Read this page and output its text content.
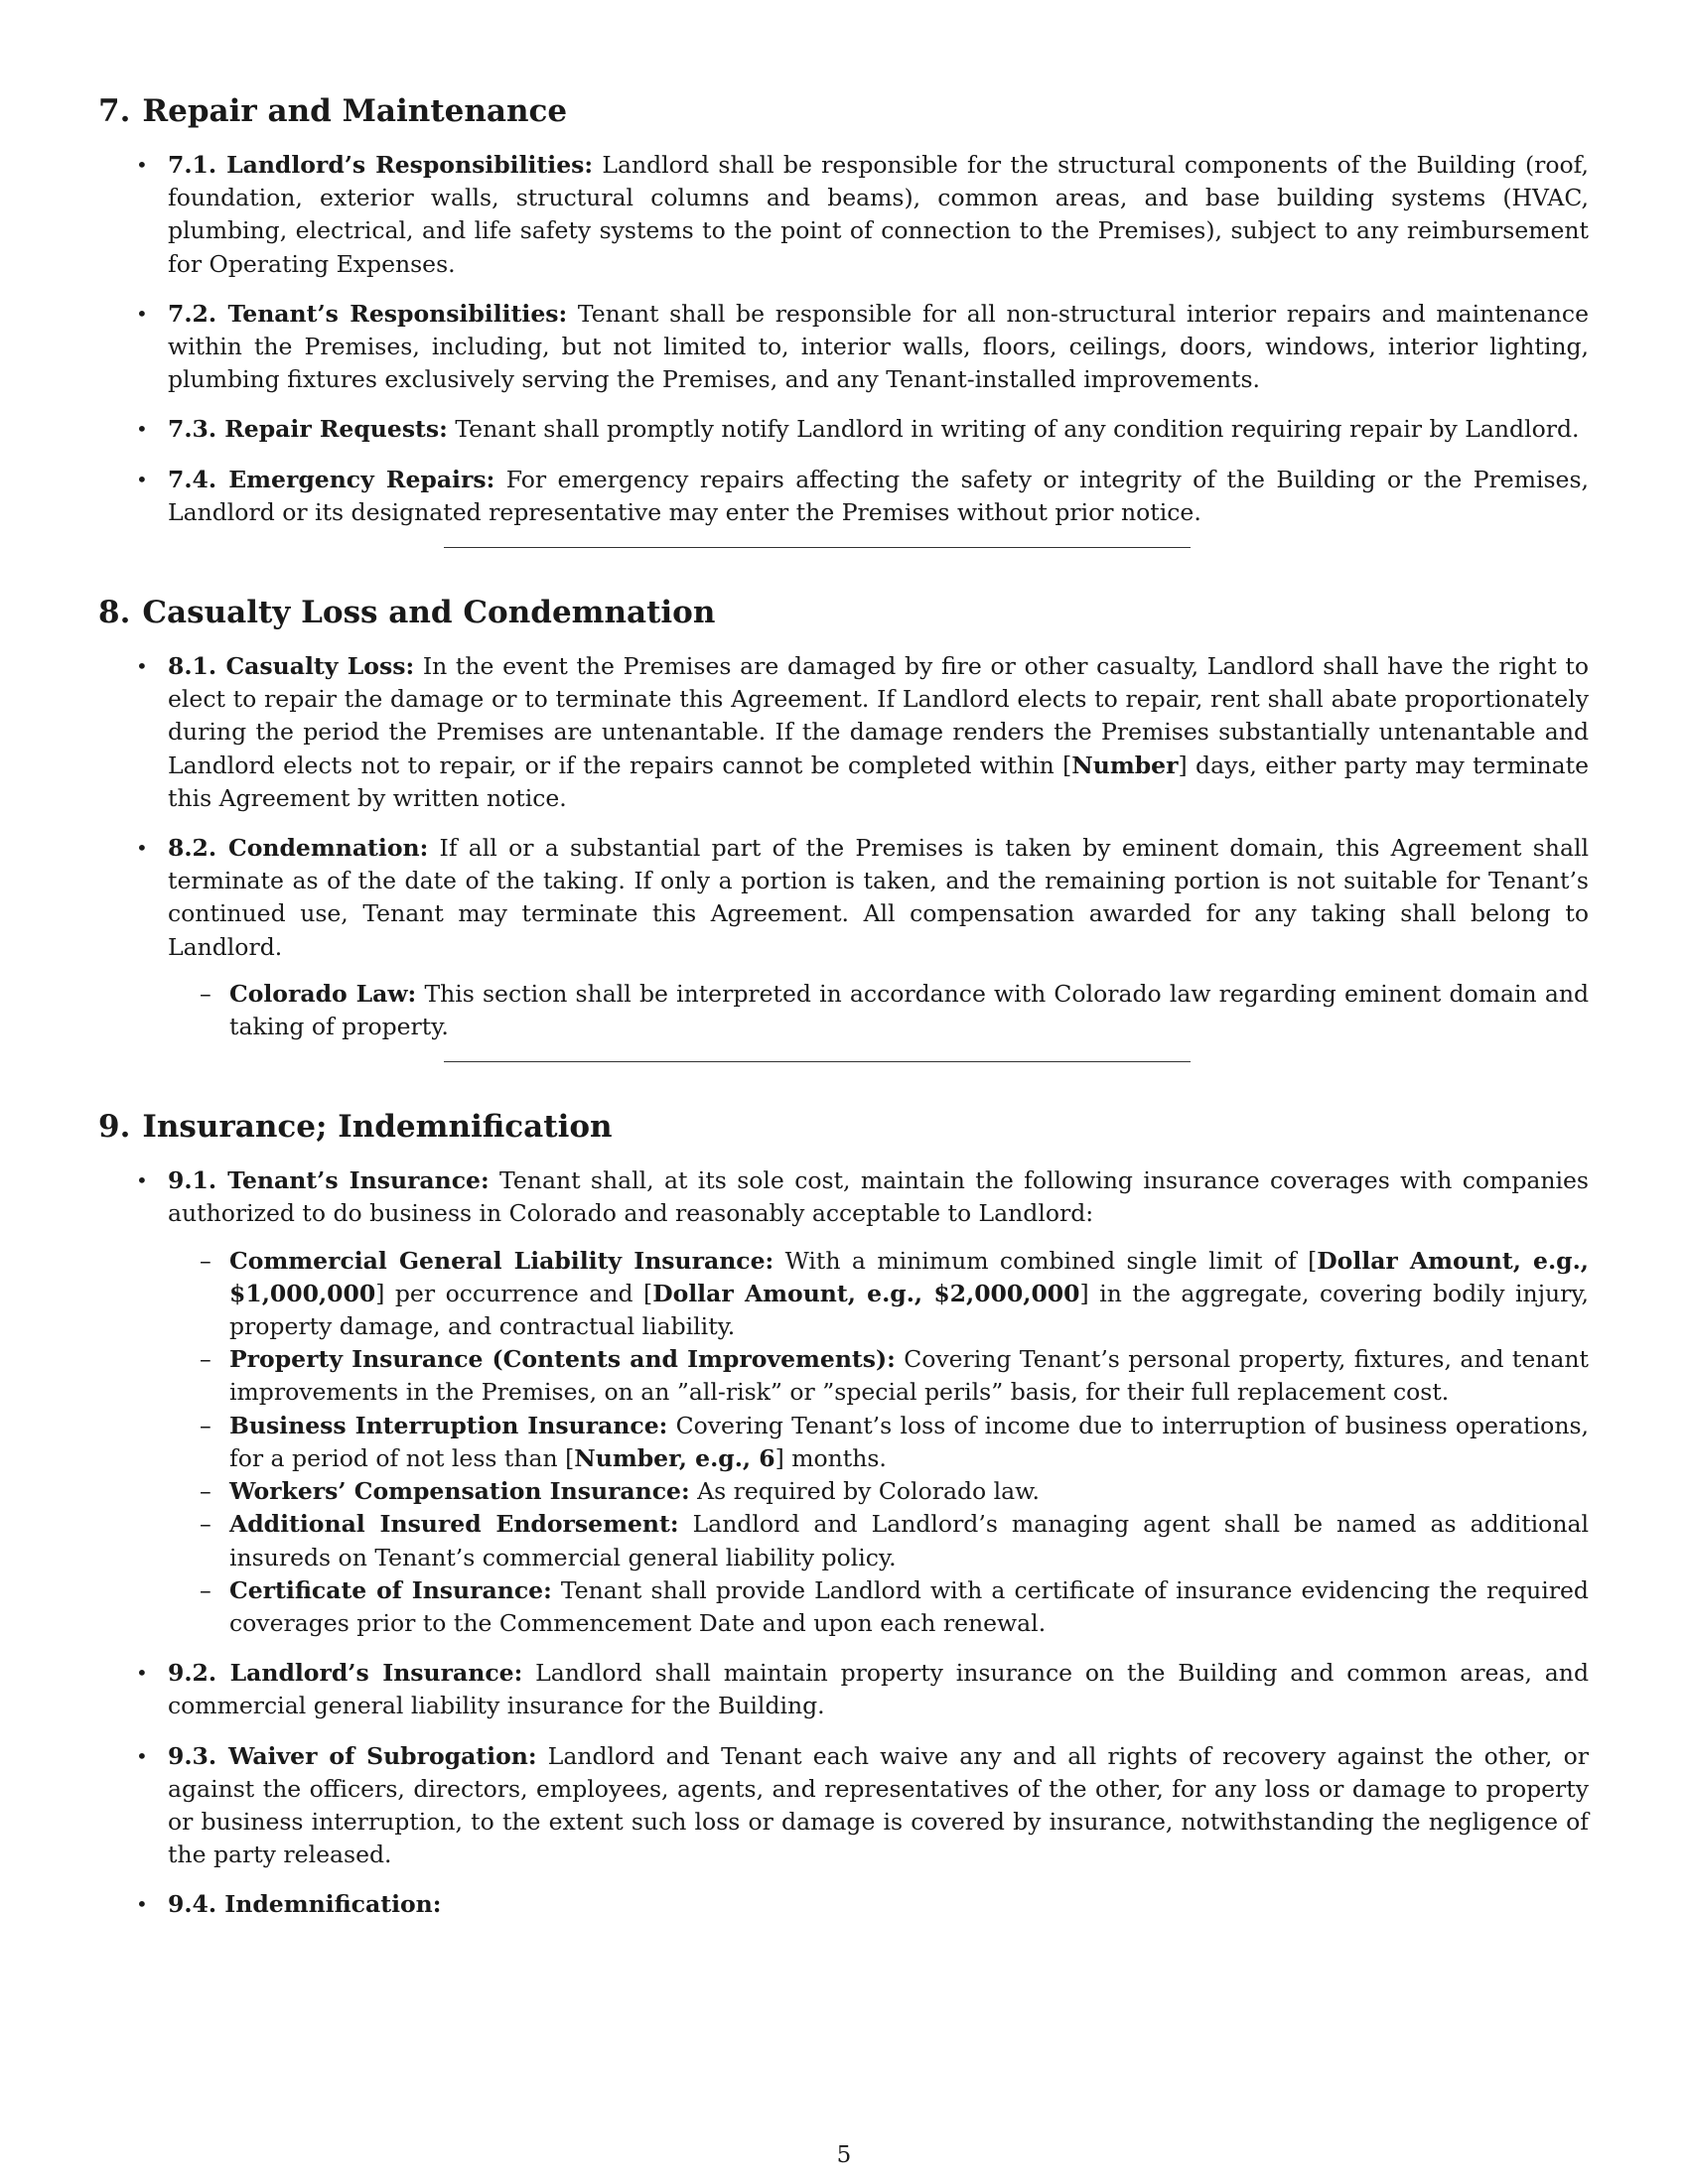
7. Repair and Maintenance
• 7.1. Landlord’s Responsibilities: Landlord shall be responsible for the structural components of the Building (roof, foundation, exterior walls, structural columns and beams), common areas, and base building systems (HVAC, plumbing, electrical, and life safety systems to the point of connection to the Premises), subject to any reimbursement for Operating Expenses.
• 7.2. Tenant’s Responsibilities: Tenant shall be responsible for all non-structural interior repairs and maintenance within the Premises, including, but not limited to, interior walls, floors, ceilings, doors, windows, interior lighting, plumbing fixtures exclusively serving the Premises, and any Tenant-installed improvements.
• 7.3. Repair Requests: Tenant shall promptly notify Landlord in writing of any condition requiring repair by Landlord.
• 7.4. Emergency Repairs: For emergency repairs affecting the safety or integrity of the Building or the Premises, Landlord or its designated representative may enter the Premises without prior notice.
8. Casualty Loss and Condemnation
• 8.1. Casualty Loss: In the event the Premises are damaged by fire or other casualty, Landlord shall have the right to elect to repair the damage or to terminate this Agreement. If Landlord elects to repair, rent shall abate proportionately during the period the Premises are untenantable. If the damage renders the Premises substantially untenantable and Landlord elects not to repair, or if the repairs cannot be completed within [Number] days, either party may terminate this Agreement by written notice.
• 8.2. Condemnation: If all or a substantial part of the Premises is taken by eminent domain, this Agreement shall terminate as of the date of the taking. If only a portion is taken, and the remaining portion is not suitable for Tenant’s continued use, Tenant may terminate this Agreement. All compensation awarded for any taking shall belong to Landlord.
– Colorado Law: This section shall be interpreted in accordance with Colorado law regarding eminent domain and taking of property.
9. Insurance; Indemnification
• 9.1. Tenant’s Insurance: Tenant shall, at its sole cost, maintain the following insurance coverages with companies authorized to do business in Colorado and reasonably acceptable to Landlord:
– Commercial General Liability Insurance: With a minimum combined single limit of [Dollar Amount, e.g., $1,000,000] per occurrence and [Dollar Amount, e.g., $2,000,000] in the aggregate, covering bodily injury, property damage, and contractual liability.
– Property Insurance (Contents and Improvements): Covering Tenant’s personal property, fixtures, and tenant improvements in the Premises, on an ”all-risk” or ”special perils” basis, for their full replacement cost.
– Business Interruption Insurance: Covering Tenant’s loss of income due to interruption of business operations, for a period of not less than [Number, e.g., 6] months.
– Workers’ Compensation Insurance: As required by Colorado law.
– Additional Insured Endorsement: Landlord and Landlord’s managing agent shall be named as additional insureds on Tenant’s commercial general liability policy.
– Certificate of Insurance: Tenant shall provide Landlord with a certificate of insurance evidencing the required coverages prior to the Commencement Date and upon each renewal.
• 9.2. Landlord’s Insurance: Landlord shall maintain property insurance on the Building and common areas, and commercial general liability insurance for the Building.
• 9.3. Waiver of Subrogation: Landlord and Tenant each waive any and all rights of recovery against the other, or against the officers, directors, employees, agents, and representatives of the other, for any loss or damage to property or business interruption, to the extent such loss or damage is covered by insurance, notwithstanding the negligence of the party released.
• 9.4. Indemnification:
5
